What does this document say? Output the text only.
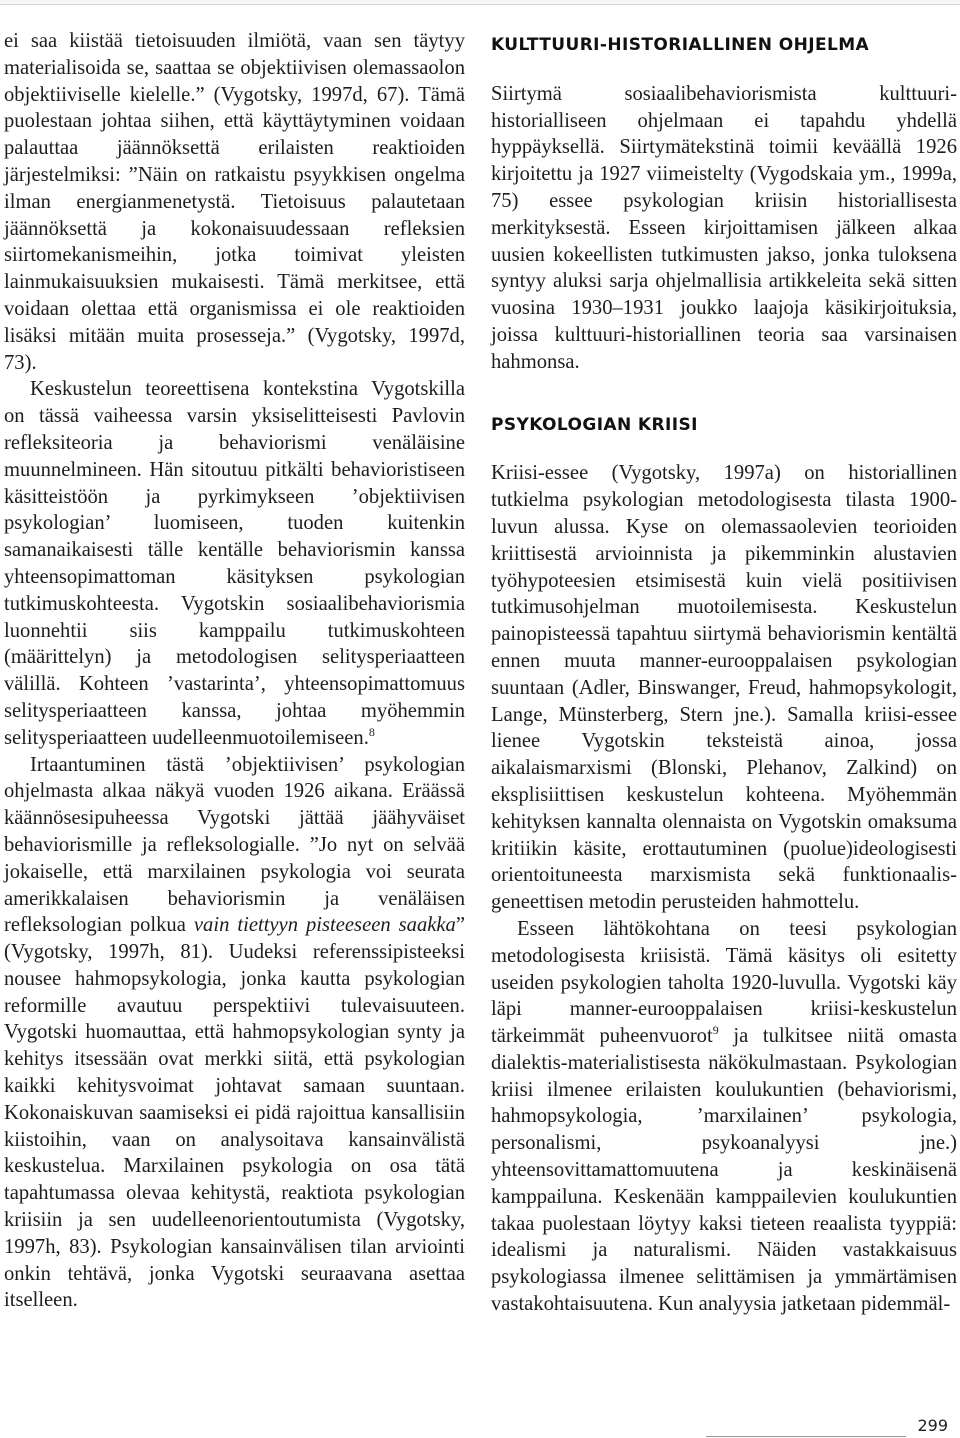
ei saa kiistää tietoisuuden ilmiötä, vaan sen täytyy materialisoida se, saattaa se objektiivisen olemassaolon objektiiviselle kielelle.” (Vygotsky, 1997d, 67). Tämä puolestaan johtaa siihen, että käyttäytyminen voidaan palauttaa jäännöksettä erilaisten reaktioiden järjestelmiksi: ”Näin on ratkaistu psyykkisen ongelma ilman energianmenetystä. Tietoisuus palautetaan jäännöksettä ja kokonaisuudessaan refleksien siirtomekanismeihin, jotka toimivat yleisten lainmukaisuuksien mukaisesti. Tämä merkitsee, että voidaan olettaa että organismissa ei ole reaktioiden lisäksi mitään muita prosesseja.” (Vygotsky, 1997d, 73).

Keskustelun teoreettisena kontekstina Vygotskilla on tässä vaiheessa varsin yksiselitteisesti Pavlovin refleksiteoria ja behaviorismi venäläisine muunnelmineen. Hän sitoutuu pitkälti behavioristiseen käsitteistöön ja pyrkimykseen ’objektiivisen psykologian’ luomiseen, tuoden kuitenkin samanaikaisesti tälle kentälle behaviorismin kanssa yhteensopimattoman käsityksen psykologian tutkimuskohteesta. Vygotskin sosiaalibehaviorismia luonnehtii siis kamppailu tutkimuskohteen (määrittelyn) ja metodologisen selitysperiaatteen välillä. Kohteen ’vastarinta’, yhteensopimattomuus selitysperiaatteen kanssa, johtaa myöhemmin selitysperiaatteen uudelleenmuotoilemiseen.$^8$

Irtaantuminen tästä ’objektiivisen’ psykologian ohjelmasta alkaa näkyä vuoden 1926 aikana. Eräässä käännösesipuheessa Vygotski jättää jäähyväiset behaviorismille ja refleksologialle. ”Jo nyt on selvää jokaiselle, että marxilainen psykologia voi seurata amerikkalaisen behaviorismin ja venäläisen refleksologian polkua vain tiettyyn pisteeseen saakka” (Vygotsky, 1997h, 81). Uudeksi referenssipisteeksi nousee hahmopsykologia, jonka kautta psykologian reformille avautuu perspektiivi tulevaisuuteen. Vygotski huomauttaa, että hahmopsykologian synty ja kehitys itsessään ovat merkki siitä, että psykologian kaikki kehitysvoimat johtavat samaan suuntaan. Kokonaiskuvan saamiseksi ei pidä rajoittua kansallisiin kiistoihin, vaan on analysoitava kansainvälistä keskustelua. Marxilainen psykologia on osa tätä tapahtumassa olevaa kehitystä, reaktiota psykologian kriisiin ja sen uudelleenorientoutumista (Vygotsky, 1997h, 83). Psykologian kansainvälisen tilan arviointi onkin tehtävä, jonka Vygotski seuraavana asettaa itselleen.

KULTTUURI-HISTORIALLINEN OHJELMA

Siirtymä sosiaalibehaviorismista kulttuuri-historialliseen ohjelmaan ei tapahdu yhdellä hyppäyksellä. Siirtymätekstinä toimii keväällä 1926 kirjoitettu ja 1927 viimeistelty (Vygodskaia ym., 1999a, 75) essee psykologian kriisin historiallisesta merkityksestä. Esseen kirjoittamisen jälkeen alkaa uusien kokeellisten tutkimusten jakso, jonka tuloksena syntyy aluksi sarja ohjelmallisia artikkeleita sekä sitten vuosina 1930–1931 joukko laajoja käsikirjoituksia, joissa kulttuuri-historiallinen teoria saa varsinaisen hahmonsa.

PSYKOLOGIAN KRIISI

Kriisi-essee (Vygotsky, 1997a) on historiallinen tutkielma psykologian metodologisesta tilasta 1900-luvun alussa. Kyse on olemassaolevien teorioiden kriittisestä arvioinnista ja pikemminkin alustavien työhypoteesien etsimisestä kuin vielä positiivisen tutkimusohjelman muotoilemisesta. Keskustelun painopisteessä tapahtuu siirtymä behaviorismin kentältä ennen muuta manner-eurooppalaisen psykologian suuntaan (Adler, Binswanger, Freud, hahmopsykologit, Lange, Münsterberg, Stern jne.). Samalla kriisi-essee lienee Vygotskin teksteistä ainoa, jossa aikalaismarxismi (Blonski, Plehanov, Zalkind) on eksplisiittisen keskustelun kohteena. Myöhemmän kehityksen kannalta olennaista on Vygotskin omaksuma kritiikin käsite, erottautuminen (puolue)ideologisesti orientoituneesta marxismista sekä funktionaalis-geneettisen metodin perusteiden hahmottelu.

Esseen lähtökohtana on teesi psykologian metodologisesta kriisistä. Tämä käsitys oli esitetty useiden psykologien taholta 1920-luvulla. Vygotski käy läpi manner-eurooppalaisen kriisi-keskustelun tärkeimmät puheenvuorot$^9$ ja tulkitsee niitä omasta dialektis-materialistisesta näkökulmastaan. Psykologian kriisi ilmenee erilaisten koulukuntien (behaviorismi, hahmopsykologia, ’marxilainen’ psykologia, personalismi, psykoanalyysi jne.) yhteensovittamattomuutena ja keskinäisenä kamppailuna. Keskenään kamppailevien koulukuntien takaa puolestaan löytyy kaksi tieteen reaalista tyyppiä: idealismi ja naturalismi. Näiden vastakkaisuus psykologiassa ilmenee selittämisen ja ymmärtämisen vastakohtaisuutena. Kun analyysia jatketaan pidemmäl-

299
